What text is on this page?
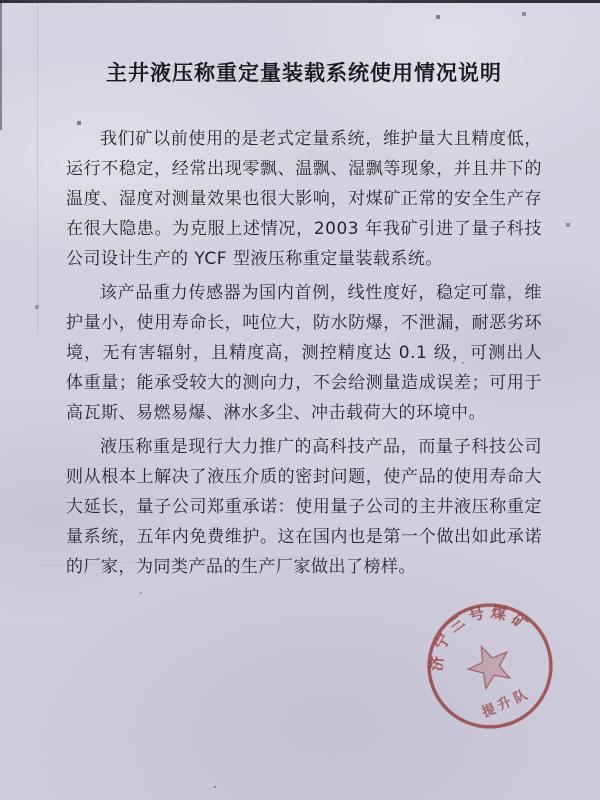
主井液压称重定量装载系统使用情况说明

我们矿以前使用的是老式定量系统，维护量大且精度低，运行不稳定，经常出现零飘、温飘、湿飘等现象，并且井下的温度、湿度对测量效果也很大影响，对煤矿正常的安全生产存在很大隐患。为克服上述情况，2003 年我矿引进了量子科技公司设计生产的 YCF 型液压称重定量装载系统。

该产品重力传感器为国内首例，线性度好，稳定可靠，维护量小，使用寿命长，吨位大，防水防爆，不泄漏，耐恶劣环境，无有害辐射，且精度高，测控精度达 0.1 级，可测出人体重量；能承受较大的测向力，不会给测量造成误差；可用于高瓦斯、易燃易爆、淋水多尘、冲击载荷大的环境中。

液压称重是现行大力推广的高科技产品，而量子科技公司则从根本上解决了液压介质的密封问题，使产品的使用寿命大大延长，量子公司郑重承诺：使用量子公司的主井液压称重定量系统，五年内免费维护。这在国内也是第一个做出如此承诺的厂家，为同类产品的生产厂家做出了榜样。

济宁三号煤矿
提升队
